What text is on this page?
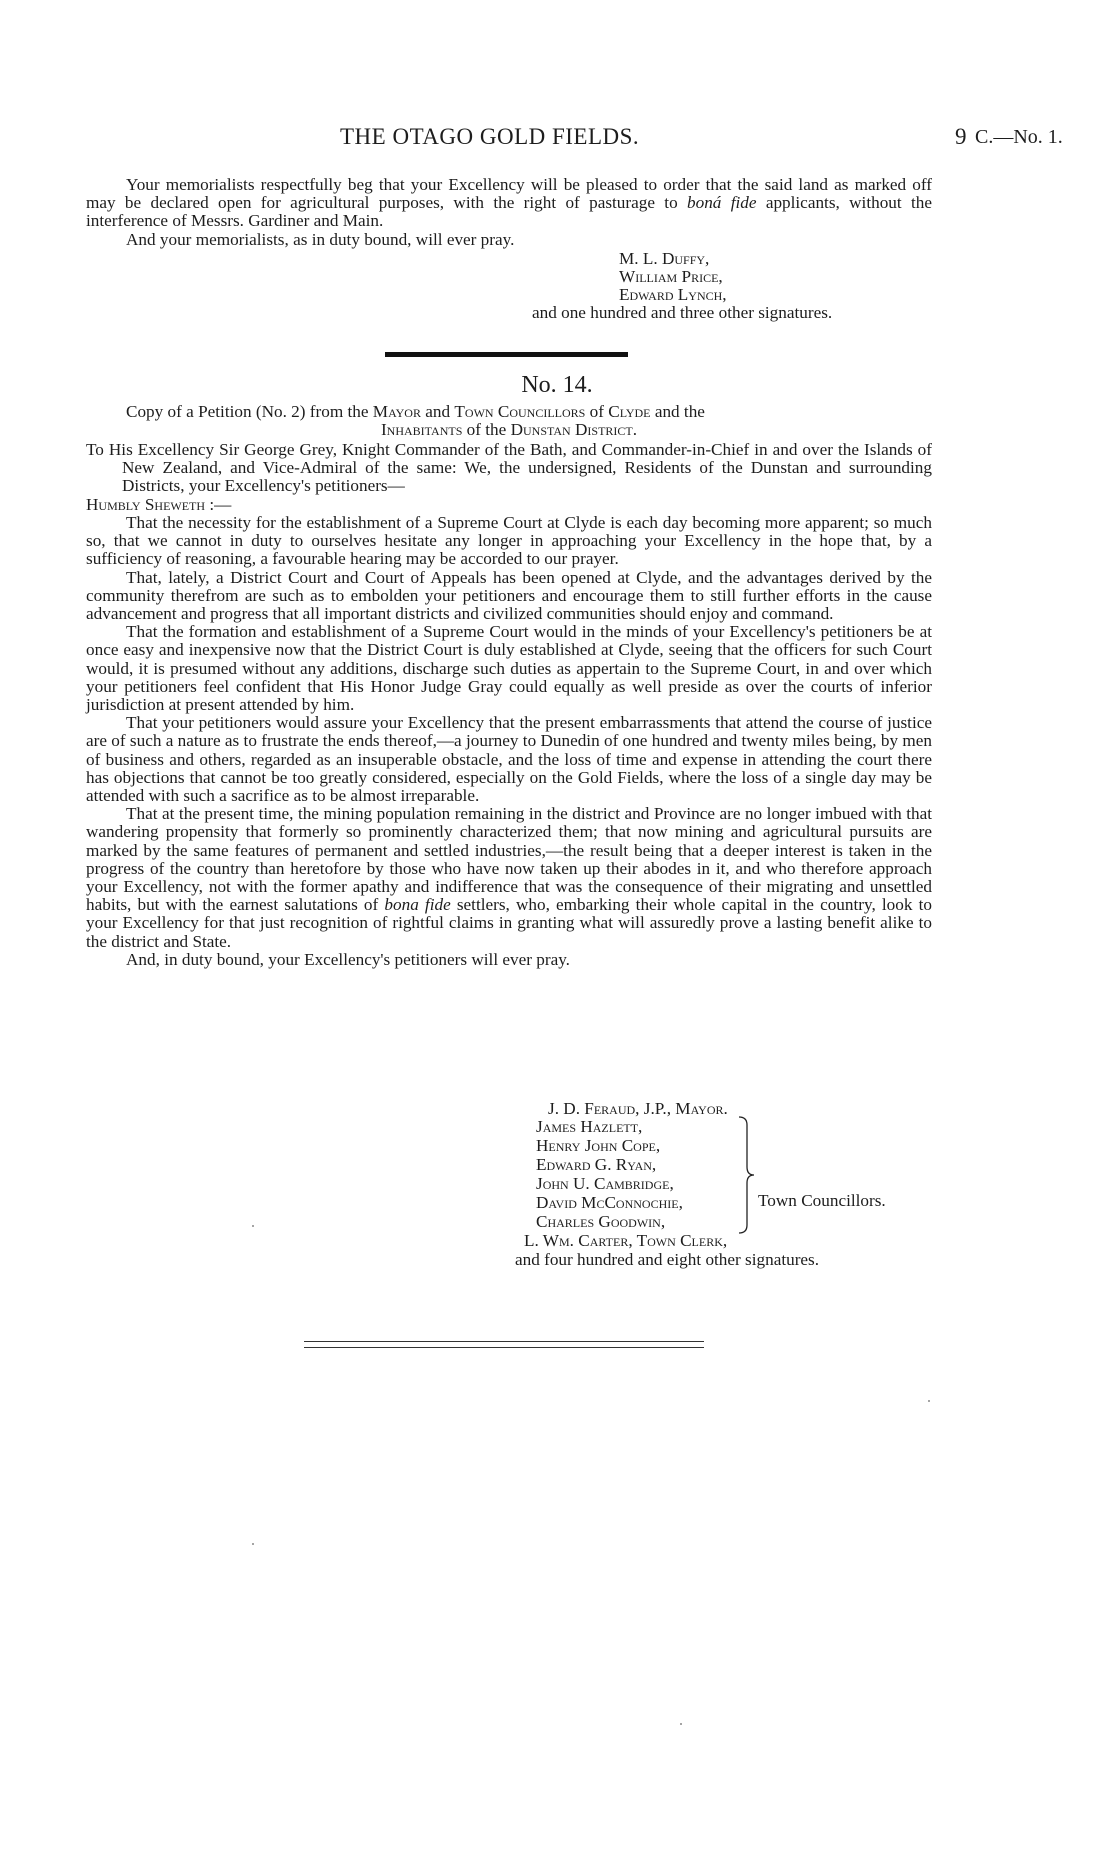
THE OTAGO GOLD FIELDS.	9 C.—No. 1.

Your memorialists respectfully beg that your Excellency will be pleased to order that the said land as marked off may be declared open for agricultural purposes, with the right of pasturage to boná fide applicants, without the interference of Messrs. Gardiner and Main.

And your memorialists, as in duty bound, will ever pray.

M. L. Duffy,
William Price,
Edward Lynch,
and one hundred and three other signatures.
No. 14.
Copy of a Petition (No. 2) from the Mayor and Town Councillors of Clyde and the
Inhabitants of the Dunstan District.

To His Excellency Sir George Grey, Knight Commander of the Bath, and Commander-in-Chief in and over the Islands of New Zealand, and Vice-Admiral of the same: We, the undersigned, Residents of the Dunstan and surrounding Districts, your Excellency's petitioners—

Humbly Sheweth :—

That the necessity for the establishment of a Supreme Court at Clyde is each day becoming more apparent; so much so, that we cannot in duty to ourselves hesitate any longer in approaching your Excellency in the hope that, by a sufficiency of reasoning, a favourable hearing may be accorded to our prayer.

That, lately, a District Court and Court of Appeals has been opened at Clyde, and the advantages derived by the community therefrom are such as to embolden your petitioners and encourage them to still further efforts in the cause advancement and progress that all important districts and civilized communities should enjoy and command.

That the formation and establishment of a Supreme Court would in the minds of your Excellency's petitioners be at once easy and inexpensive now that the District Court is duly established at Clyde, seeing that the officers for such Court would, it is presumed without any additions, discharge such duties as appertain to the Supreme Court, in and over which your petitioners feel confident that His Honor Judge Gray could equally as well preside as over the courts of inferior jurisdiction at present attended by him.

That your petitioners would assure your Excellency that the present embarrassments that attend the course of justice are of such a nature as to frustrate the ends thereof,—a journey to Dunedin of one hundred and twenty miles being, by men of business and others, regarded as an insuperable obstacle, and the loss of time and expense in attending the court there has objections that cannot be too greatly considered, especially on the Gold Fields, where the loss of a single day may be attended with such a sacrifice as to be almost irreparable.

That at the present time, the mining population remaining in the district and Province are no longer imbued with that wandering propensity that formerly so prominently characterized them; that now mining and agricultural pursuits are marked by the same features of permanent and settled industries,—the result being that a deeper interest is taken in the progress of the country than heretofore by those who have now taken up their abodes in it, and who therefore approach your Excellency, not with the former apathy and indifference that was the consequence of their migrating and unsettled habits, but with the earnest salutations of bona fide settlers, who, embarking their whole capital in the country, look to your Excellency for that just recognition of rightful claims in granting what will assuredly prove a lasting benefit alike to the district and State.

And, in duty bound, your Excellency's petitioners will ever pray.

J. D. Feraud, J.P., Mayor.
James Hazlett,
Henry John Cope,
Edward G. Ryan,
John U. Cambridge,
David McConnochie,
Charles Goodwin,
Town Councillors.
L. Wm. Carter, Town Clerk,
and four hundred and eight other signatures.
